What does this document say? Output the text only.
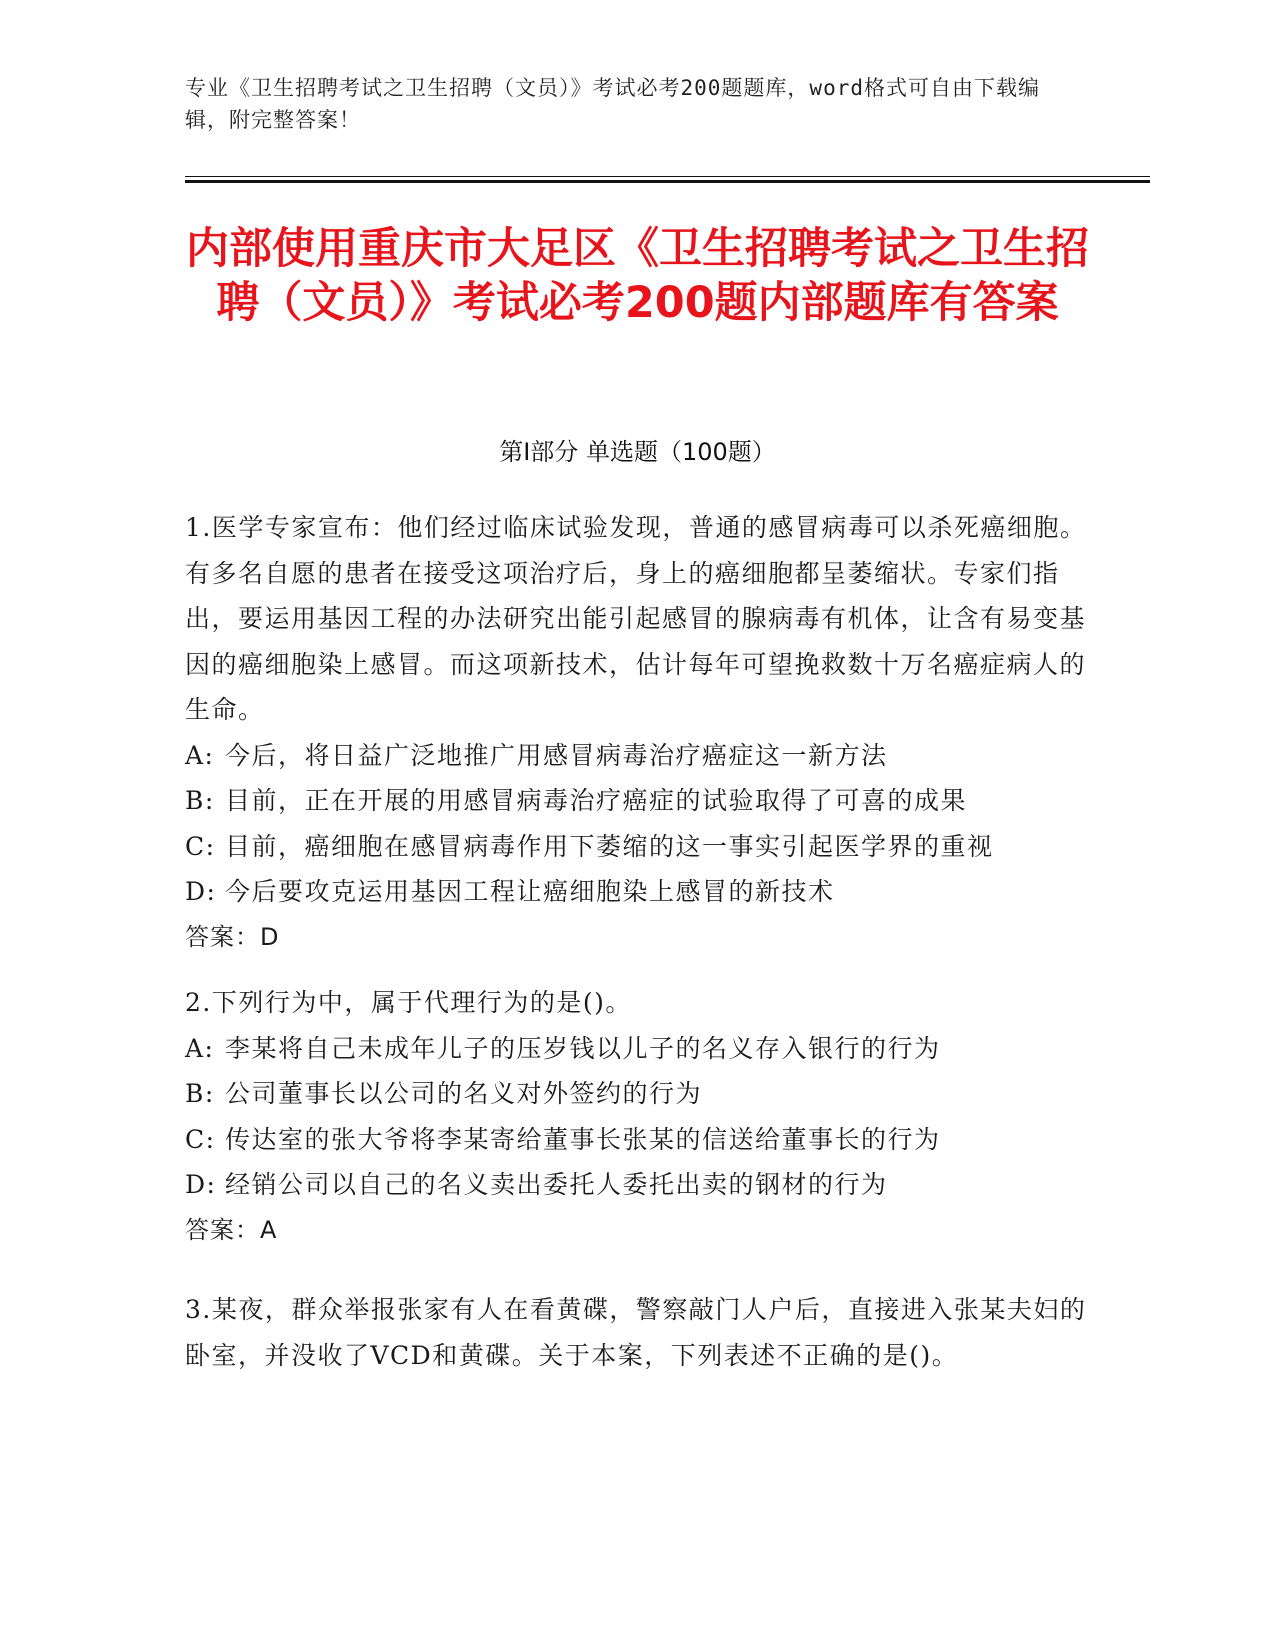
专业《卫生招聘考试之卫生招聘（文员）》考试必考200题题库，word格式可自由下载编辑，附完整答案！
内部使用重庆市大足区《卫生招聘考试之卫生招聘（文员）》考试必考200题内部题库有答案
第I部分 单选题（100题）

1.医学专家宣布：他们经过临床试验发现，普通的感冒病毒可以杀死癌细胞。有多名自愿的患者在接受这项治疗后，身上的癌细胞都呈萎缩状。专家们指出，要运用基因工程的办法研究出能引起感冒的腺病毒有机体，让含有易变基因的癌细胞染上感冒。而这项新技术，估计每年可望挽救数十万名癌症病人的生命。

A: 今后，将日益广泛地推广用感冒病毒治疗癌症这一新方法

B: 目前，正在开展的用感冒病毒治疗癌症的试验取得了可喜的成果

C: 目前，癌细胞在感冒病毒作用下萎缩的这一事实引起医学界的重视

D: 今后要攻克运用基因工程让癌细胞染上感冒的新技术

答案：D

2.下列行为中，属于代理行为的是()。

A: 李某将自己未成年儿子的压岁钱以儿子的名义存入银行的行为

B: 公司董事长以公司的名义对外签约的行为

C: 传达室的张大爷将李某寄给董事长张某的信送给董事长的行为

D: 经销公司以自己的名义卖出委托人委托出卖的钢材的行为

答案：A

3.某夜，群众举报张家有人在看黄碟，警察敲门人户后，直接进入张某夫妇的卧室，并没收了VCD和黄碟。关于本案，下列表述不正确的是()。
